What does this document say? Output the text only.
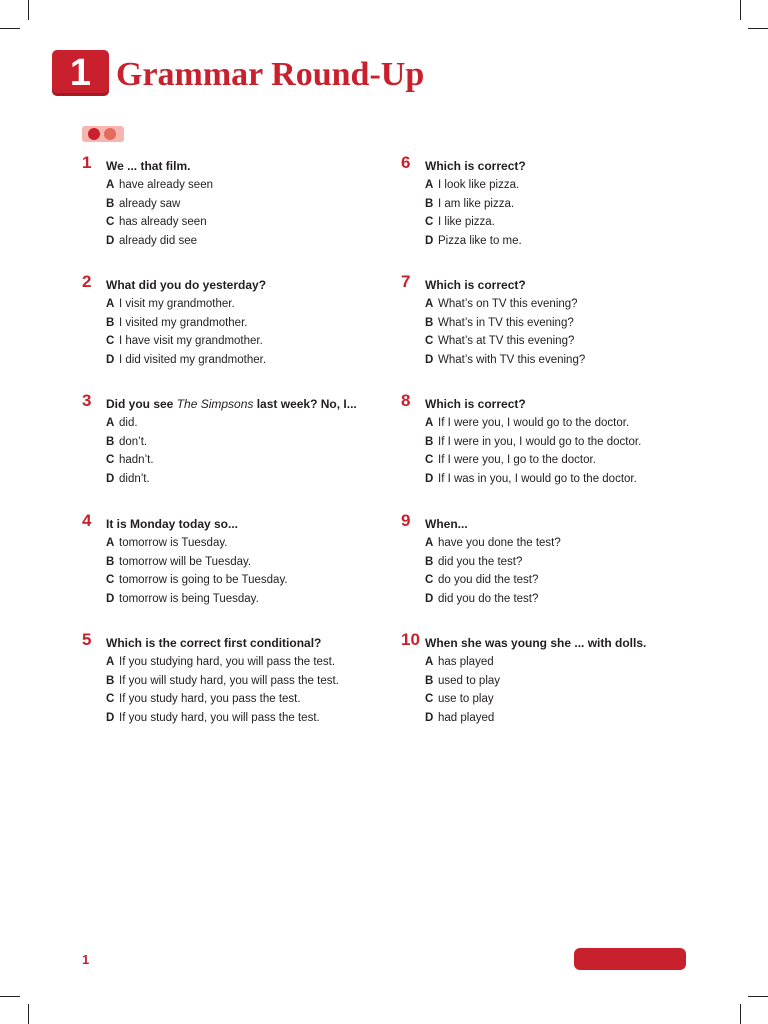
1 Grammar Round-Up
1 We ... that film.
A have already seen
B already saw
C has already seen
D already did see
2 What did you do yesterday?
A I visit my grandmother.
B I visited my grandmother.
C I have visit my grandmother.
D I did visited my grandmother.
3 Did you see The Simpsons last week? No, I...
A did.
B don’t.
C hadn’t.
D didn’t.
4 It is Monday today so...
A tomorrow is Tuesday.
B tomorrow will be Tuesday.
C tomorrow is going to be Tuesday.
D tomorrow is being Tuesday.
5 Which is the correct first conditional?
A If you studying hard, you will pass the test.
B If you will study hard, you will pass the test.
C If you study hard, you pass the test.
D If you study hard, you will pass the test.
6 Which is correct?
A I look like pizza.
B I am like pizza.
C I like pizza.
D Pizza like to me.
7 Which is correct?
A What’s on TV this evening?
B What’s in TV this evening?
C What’s at TV this evening?
D What’s with TV this evening?
8 Which is correct?
A If I were you, I would go to the doctor.
B If I were in you, I would go to the doctor.
C If I were you, I go to the doctor.
D If I was in you, I would go to the doctor.
9 When...
A have you done the test?
B did you the test?
C do you did the test?
D did you do the test?
10 When she was young she ... with dolls.
A has played
B used to play
C use to play
D had played
1
